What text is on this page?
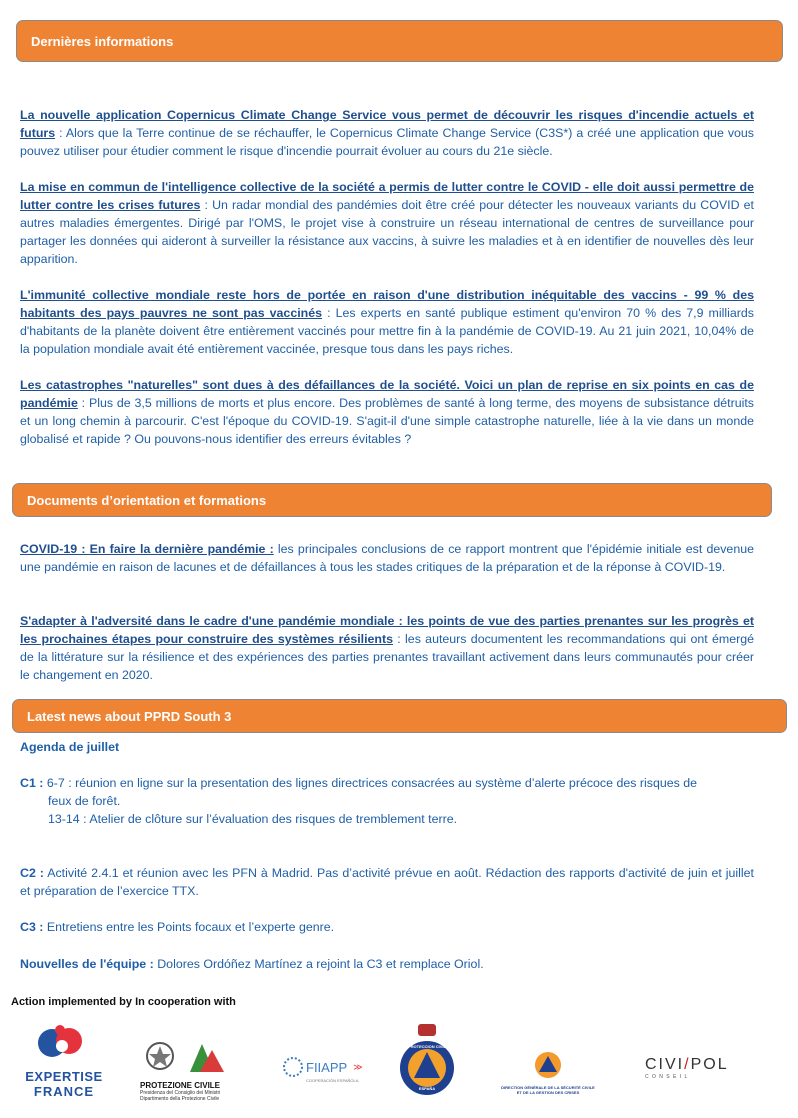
Dernières informations

La nouvelle application Copernicus Climate Change Service vous permet de découvrir les risques d'incendie actuels et futurs : Alors que la Terre continue de se réchauffer, le Copernicus Climate Change Service (C3S*) a créé une application que vous pouvez utiliser pour étudier comment le risque d'incendie pourrait évoluer au cours du 21e siècle.

La mise en commun de l'intelligence collective de la société a permis de lutter contre le COVID - elle doit aussi permettre de lutter contre les crises futures : Un radar mondial des pandémies doit être créé pour détecter les nouveaux variants du COVID et autres maladies émergentes. Dirigé par l'OMS, le projet vise à construire un réseau international de centres de surveillance pour partager les données qui aideront à surveiller la résistance aux vaccins, à suivre les maladies et à en identifier de nouvelles dès leur apparition.

L'immunité collective mondiale reste hors de portée en raison d'une distribution inéquitable des vaccins - 99 % des habitants des pays pauvres ne sont pas vaccinés : Les experts en santé publique estiment qu'environ 70 % des 7,9 milliards d'habitants de la planète doivent être entièrement vaccinés pour mettre fin à la pandémie de COVID-19. Au 21 juin 2021, 10,04% de la population mondiale avait été entièrement vaccinée, presque tous dans les pays riches.

Les catastrophes "naturelles" sont dues à des défaillances de la société. Voici un plan de reprise en six points en cas de pandémie : Plus de 3,5 millions de morts et plus encore. Des problèmes de santé à long terme, des moyens de subsistance détruits et un long chemin à parcourir. C'est l'époque du COVID-19. S'agit-il d'une simple catastrophe naturelle, liée à la vie dans un monde globalisé et rapide ? Ou pouvons-nous identifier des erreurs évitables ?

Documents d’orientation et formations

COVID-19 : En faire la dernière pandémie : les principales conclusions de ce rapport montrent que l'épidémie initiale est devenue une pandémie en raison de lacunes et de défaillances à tous les stades critiques de la préparation et de la réponse à COVID-19.

S'adapter à l'adversité dans le cadre d'une pandémie mondiale : les points de vue des parties prenantes sur les progrès et les prochaines étapes pour construire des systèmes résilients : les auteurs documentent les recommandations qui ont émergé de la littérature sur la résilience et des expériences des parties prenantes travaillant activement dans leurs communautés pour créer le changement en 2020.

Latest news about PPRD South 3

Agenda de juillet

C1 : 6-7 : réunion en ligne sur la presentation des lignes directrices consacrées au système d’alerte précoce des risques de

feux de forêt.

13-14 : Atelier de clôture sur l’évaluation des risques de tremblement terre.

C2 : Activité 2.4.1 et réunion avec les PFN à Madrid. Pas d’activité prévue en août. Rédaction des rapports d'activité de juin et juillet et préparation de l’exercice TTX.

C3 : Entretiens entre les Points focaux et l’experte genre.

Nouvelles de l'équipe : Dolores Ordóñez Martínez a rejoint la C3 et remplace Oriol.

Action implemented by In cooperation with
EXPERTISE
FRANCE	PROTEZIONE CIVILE
Presidenza del Consiglio dei Ministri
Dipartimento della Protezione Civile
FIIAPP ≫
COOPERACIÓN ESPAÑOLA
PROTECCION CIVIL
ESPAÑA	DIRECTION GÉNÉRALE DE LA SÉCURITÉ CIVILE
ET DE LA GESTION DES CRISES
CIVI/POL
C O N S E I L
